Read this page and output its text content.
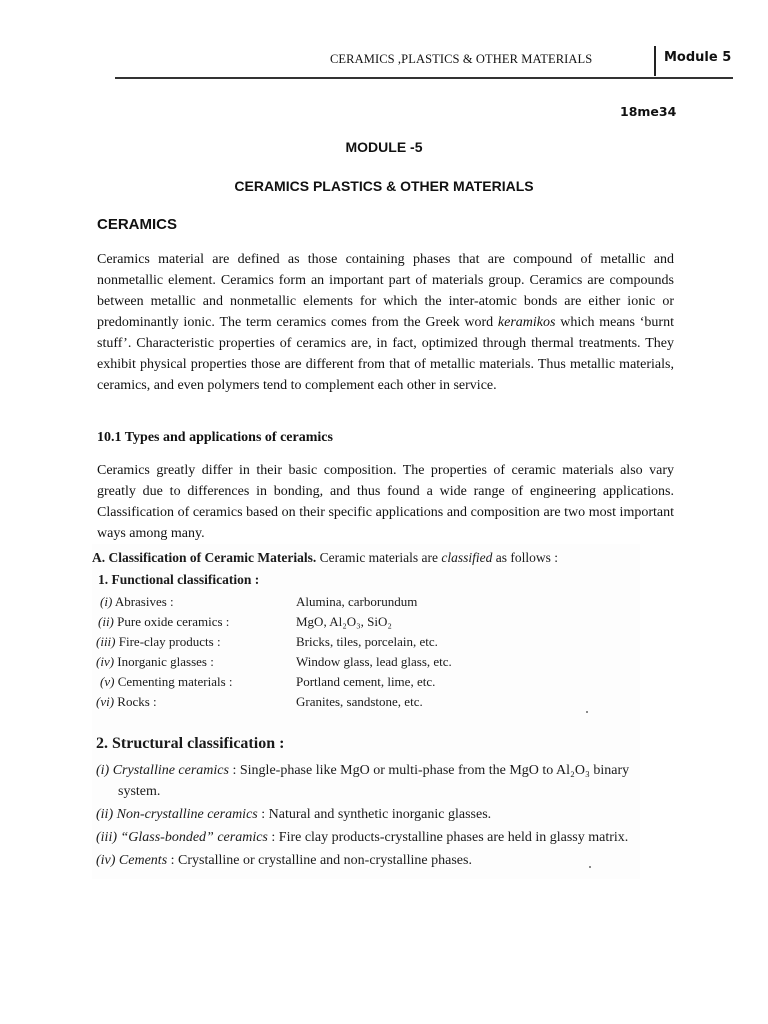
CERAMICS ,PLASTICS & OTHER MATERIALS	Module 5
18me34
MODULE -5
CERAMICS PLASTICS & OTHER MATERIALS
CERAMICS

Ceramics material are defined as those containing phases that are compound of metallic and nonmetallic element. Ceramics form an important part of materials group. Ceramics are compounds between metallic and nonmetallic elements for which the inter-atomic bonds are either ionic or predominantly ionic. The term ceramics comes from the Greek word keramikos which means ‘burnt stuff’. Characteristic properties of ceramics are, in fact, optimized through thermal treatments. They exhibit physical properties those are different from that of metallic materials. Thus metallic materials, ceramics, and even polymers tend to complement each other in service.

10.1 Types and applications of ceramics

Ceramics greatly differ in their basic composition. The properties of ceramic materials also vary greatly due to differences in bonding, and thus found a wide range of engineering applications. Classification of ceramics based on their specific applications and composition are two most important ways among many.

A. Classification of Ceramic Materials. Ceramic materials are classified as follows :
1. Functional classification :
(i) Abrasives :	Alumina, carborundum
(ii) Pure oxide ceramics :	MgO, Al₂O₃, SiO₂
(iii) Fire-clay products :	Bricks, tiles, porcelain, etc.
(iv) Inorganic glasses :	Window glass, lead glass, etc.
(v) Cementing materials :	Portland cement, lime, etc.
(vi) Rocks :	Granites, sandstone, etc.
2. Structural classification :
(i) Crystalline ceramics : Single-phase like MgO or multi-phase from the MgO to Al₂O₃ binary
system.
(ii) Non-crystalline ceramics : Natural and synthetic inorganic glasses.
(iii) “Glass-bonded” ceramics : Fire clay products-crystalline phases are held in glassy matrix.
(iv) Cements : Crystalline or crystalline and non-crystalline phases.
